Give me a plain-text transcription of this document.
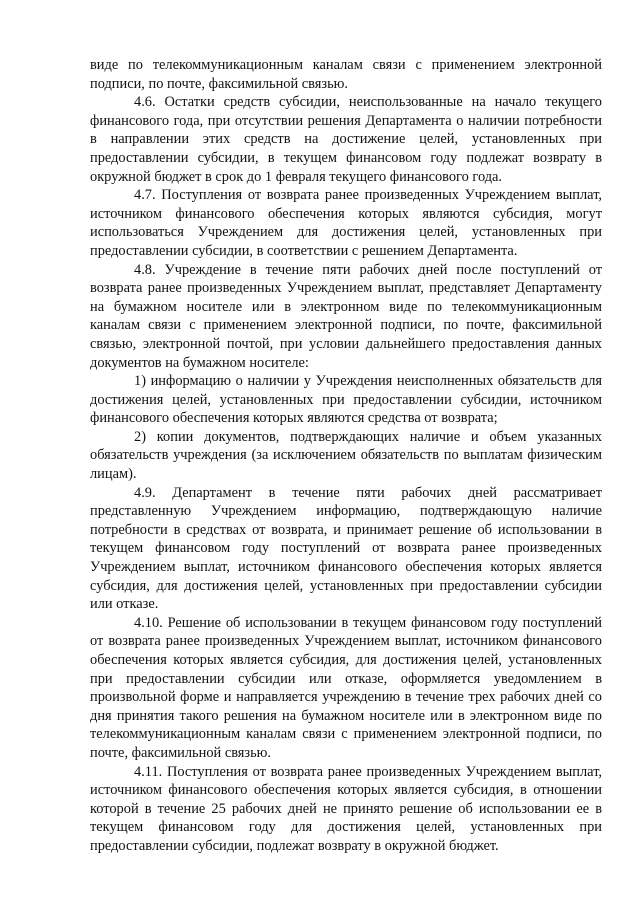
виде по телекоммуникационным каналам связи с применением электронной подписи, по почте, факсимильной связью.

4.6. Остатки средств субсидии, неиспользованные на начало текущего финансового года, при отсутствии решения Департамента о наличии потребности в направлении этих средств на достижение целей, установленных при предоставлении субсидии, в текущем финансовом году подлежат возврату в окружной бюджет в срок до 1 февраля текущего финансового года.

4.7. Поступления от возврата ранее произведенных Учреждением выплат, источником финансового обеспечения которых являются субсидия, могут использоваться Учреждением для достижения целей, установленных при предоставлении субсидии, в соответствии с решением Департамента.

4.8. Учреждение в течение пяти рабочих дней после поступлений от возврата ранее произведенных Учреждением выплат, представляет Департаменту на бумажном носителе или в электронном виде по телекоммуникационным каналам связи с применением электронной подписи, по почте, факсимильной связью, электронной почтой, при условии дальнейшего предоставления данных документов на бумажном носителе:

1) информацию о наличии у Учреждения неисполненных обязательств для достижения целей, установленных при предоставлении субсидии, источником финансового обеспечения которых являются средства от возврата;

2) копии документов, подтверждающих наличие и объем указанных обязательств учреждения (за исключением обязательств по выплатам физическим лицам).

4.9. Департамент в течение пяти рабочих дней рассматривает представленную Учреждением информацию, подтверждающую наличие потребности в средствах от возврата, и принимает решение об использовании в текущем финансовом году поступлений от возврата ранее произведенных Учреждением выплат, источником финансового обеспечения которых является субсидия, для достижения целей, установленных при предоставлении субсидии или отказе.

4.10. Решение об использовании в текущем финансовом году поступлений от возврата ранее произведенных Учреждением выплат, источником финансового обеспечения которых является субсидия, для достижения целей, установленных при предоставлении субсидии или отказе, оформляется уведомлением в произвольной форме и направляется учреждению в течение трех рабочих дней со дня принятия такого решения на бумажном носителе или в электронном виде по телекоммуникационным каналам связи с применением электронной подписи, по почте, факсимильной связью.

4.11. Поступления от возврата ранее произведенных Учреждением выплат, источником финансового обеспечения которых является субсидия, в отношении которой в течение 25 рабочих дней не принято решение об использовании ее в текущем финансовом году для достижения целей, установленных при предоставлении субсидии, подлежат возврату в окружной бюджет.
